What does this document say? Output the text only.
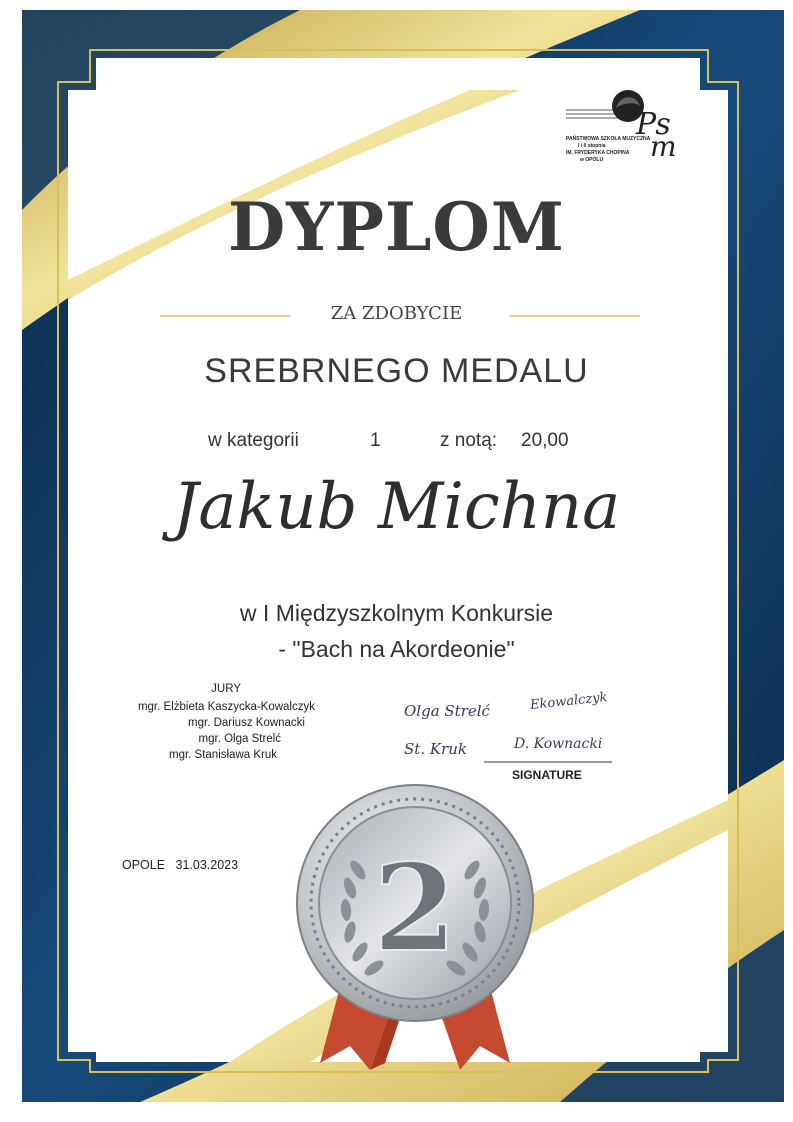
Ps
m
PAŃSTWOWA SZKOŁA MUZYCZNA
I i II stopnia
IM. FRYDERYKA CHOPINA
w OPOLU

DYPLOM

ZA ZDOBYCIE

SREBRNEGO MEDALU

w kategorii	1	z notą: 20,00

Jakub Michna

w I Międzyszkolnym Konkursie

- "Bach na Akordeonie"

JURY

mgr. Elżbieta Kaszycka-Kowalczyk

mgr. Dariusz Kownacki

mgr. Olga Strelć

mgr. Stanisława Kruk

Olga Strelć	Ekowalczyk

St. Kruk	D. Kownacki

SIGNATURE

OPOLE 31.03.2023 2
